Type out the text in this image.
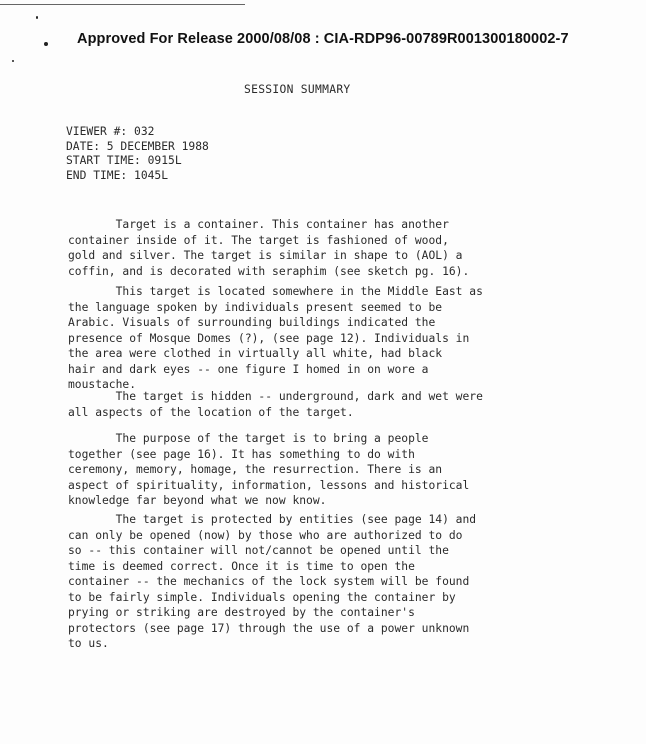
Approved For Release 2000/08/08 : CIA-RDP96-00789R001300180002-7
SESSION SUMMARY
VIEWER #: 032
DATE: 5 DECEMBER 1988
START TIME: 0915L
END TIME: 1045L
Target is a container. This container has another
container inside of it. The target is fashioned of wood,
gold and silver. The target is similar in shape to (AOL) a
coffin, and is decorated with seraphim (see sketch pg. 16).
This target is located somewhere in the Middle East as
the language spoken by individuals present seemed to be
Arabic. Visuals of surrounding buildings indicated the
presence of Mosque Domes (?), (see page 12). Individuals in
the area were clothed in virtually all white, had black
hair and dark eyes -- one figure I homed in on wore a
moustache.
The target is hidden -- underground, dark and wet were
all aspects of the location of the target.
The purpose of the target is to bring a people
together (see page 16). It has something to do with
ceremony, memory, homage, the resurrection. There is an
aspect of spirituality, information, lessons and historical
knowledge far beyond what we now know.
The target is protected by entities (see page 14) and
can only be opened (now) by those who are authorized to do
so -- this container will not/cannot be opened until the
time is deemed correct. Once it is time to open the
container -- the mechanics of the lock system will be found
to be fairly simple. Individuals opening the container by
prying or striking are destroyed by the container's
protectors (see page 17) through the use of a power unknown
to us.
